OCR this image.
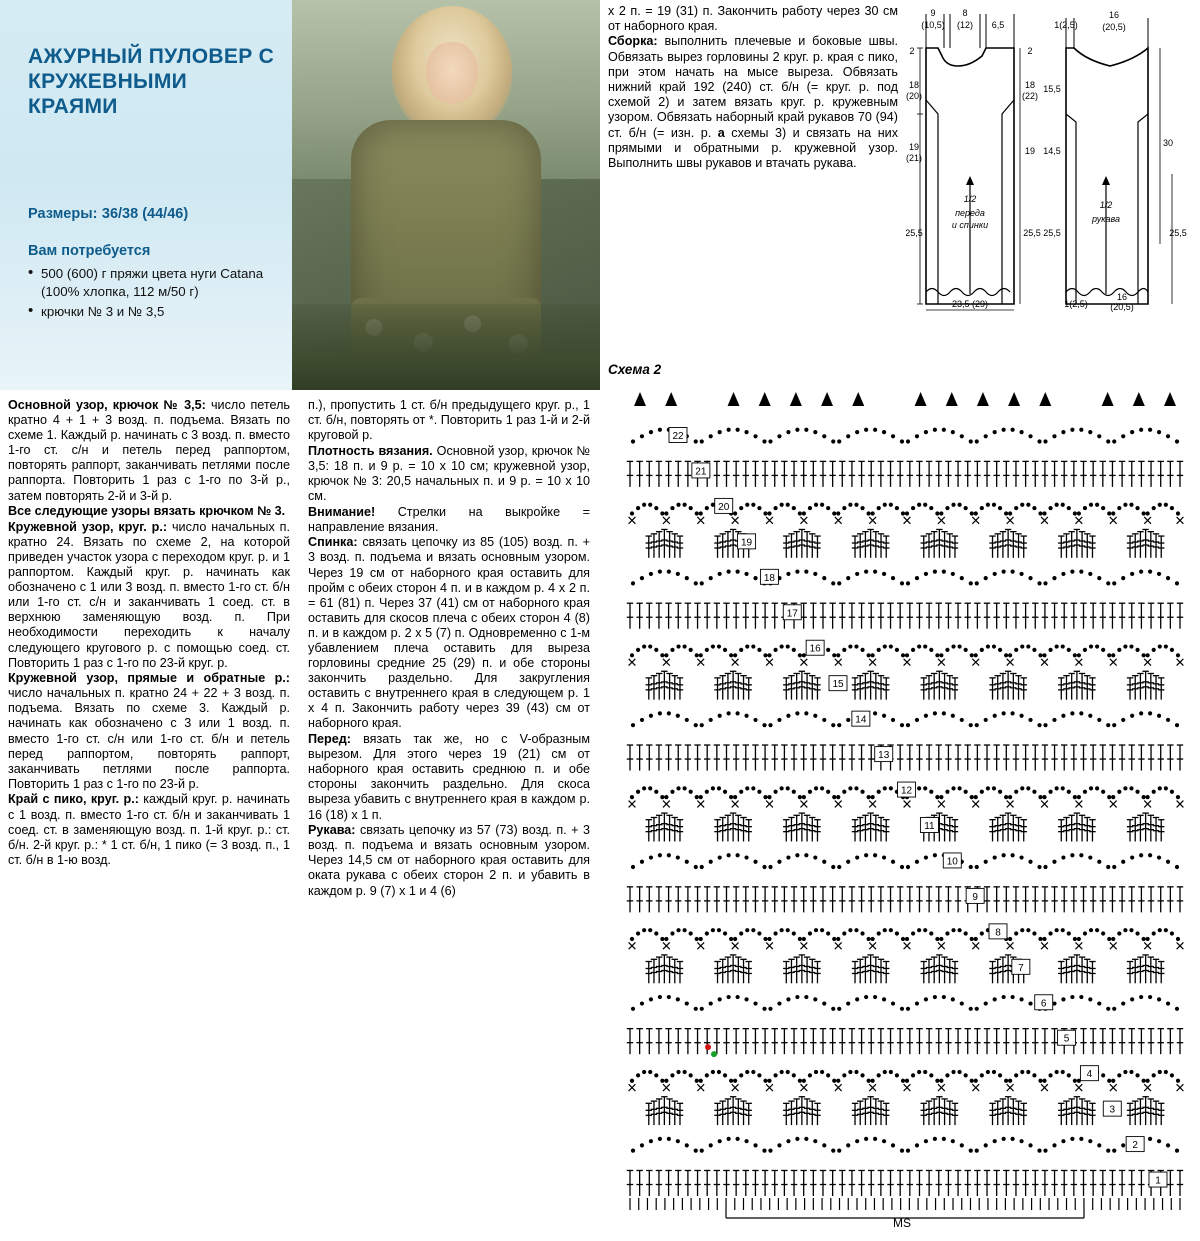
АЖУРНЫЙ ПУЛОВЕР С КРУЖЕВНЫМИ КРАЯМИ
Размеры: 36/38 (44/46)
Вам потребуется
• 500 (600) г пряжи цвета нуги Catana (100% хлопка, 112 м/50 г)
• крючки № 3 и № 3,5

Основной узор, крючок № 3,5: число петель кратно 4 + 1 + 3 возд. п. подъема. Вязать по схеме 1. Каждый р. начинать с 3 возд. п. вместо 1-го ст. с/н и петель перед раппортом, повторять раппорт, заканчивать петлями после раппорта. Повторить 1 раз с 1-го по 3-й р., затем повторять 2-й и 3-й р.

Все следующие узоры вязать крючком № 3.

Кружевной узор, круг. р.: число начальных п. кратно 24. Вязать по схеме 2, на которой приведен участок узора с переходом круг. р. и 1 раппортом. Каждый круг. р. начинать как обозначено с 1 или 3 возд. п. вместо 1-го ст. б/н или 1-го ст. с/н и заканчивать 1 соед. ст. в верхнюю заменяющую возд. п. При необходимости переходить к началу следующего кругового р. с помощью соед. ст. Повторить 1 раз с 1-го по 23-й круг. р.

Кружевной узор, прямые и обратные р.: число начальных п. кратно 24 + 22 + 3 возд. п. подъема. Вязать по схеме 3. Каждый р. начинать как обозначено с 3 или 1 возд. п. вместо 1-го ст. с/н или 1-го ст. б/н и петель перед раппортом, повторять раппорт, заканчивать петлями после раппорта. Повторить 1 раз с 1-го по 23-й р.

Край с пико, круг. р.: каждый круг. р. начинать с 1 возд. п. вместо 1-го ст. б/н и заканчивать 1 соед. ст. в заменяющую возд. п. 1-й круг. р.: ст. б/н. 2-й круг. р.: * 1 ст. б/н, 1 пико (= 3 возд. п., 1 ст. б/н в 1-ю возд.

п.), пропустить 1 ст. б/н предыдущего круг. р., 1 ст. б/н, повторять от *. Повторить 1 раз 1-й и 2-й круговой р.

Плотность вязания. Основной узор, крючок № 3,5: 18 п. и 9 р. = 10 х 10 см; кружевной узор, крючок № 3: 20,5 начальных п. и 9 р. = 10 х 10 см.

Внимание! Стрелки на выкройке = направление вязания.

Спинка: связать цепочку из 85 (105) возд. п. + 3 возд. п. подъема и вязать основным узором. Через 19 см от наборного края оставить для пройм с обеих сторон 4 п. и в каждом р. 4 х 2 п. = 61 (81) п. Через 37 (41) см от наборного края оставить для скосов плеча с обеих сторон 4 (8) п. и в каждом р. 2 х 5 (7) п. Одновременно с 1-м убавлением плеча оставить для выреза горловины средние 25 (29) п. и обе стороны закончить раздельно. Для закругления оставить с внутреннего края в следующем р. 1 х 4 п. Закончить работу через 39 (43) см от наборного края.

Перед: вязать так же, но с V-образным вырезом. Для этого через 19 (21) см от наборного края оставить среднюю п. и обе стороны закончить раздельно. Для скоса выреза убавить с внутреннего края в каждом р. 16 (18) х 1 п.

Рукава: связать цепочку из 57 (73) возд. п. + 3 возд. п. подъема и вязать основным узором. Через 14,5 см от наборного края оставить для оката рукава с обеих сторон 2 п. и убавить в каждом р. 9 (7) х 1 и 4 (6)

х 2 п. = 19 (31) п. Закончить работу через 30 см от наборного края.

Сборка: выполнить плечевые и боковые швы. Обвязать вырез горловины 2 круг. р. края с пико, при этом начать на мысе выреза. Обвязать нижний край 192 (240) ст. б/н (= круг. р. под схемой 2) и затем вязать круг. р. кружевным узором. Обвязать наборный край рукавов 70 (94) ст. б/н (= изн. р. а схемы 3) и связать на них прямыми и обратными р. кружевной узор. Выполнить швы рукавов и втачать рукава.

9
(10,5)
8
(12) 6,5
2
18
(20)
19
(21)
25,5
2
18
(22)
19
25,5
1/2
переда
и спинки
23,5 (29)
1(2,5)
16
(20,5)
15,5
14,5
25,5
30
25,5
1/2
рукава
1(2,5)
16
(20,5)
Схема 2
1
2
3
4
5
6
7
8
9
10
11
12
13
14
15
16
17
18
19
20
21
22
MS
